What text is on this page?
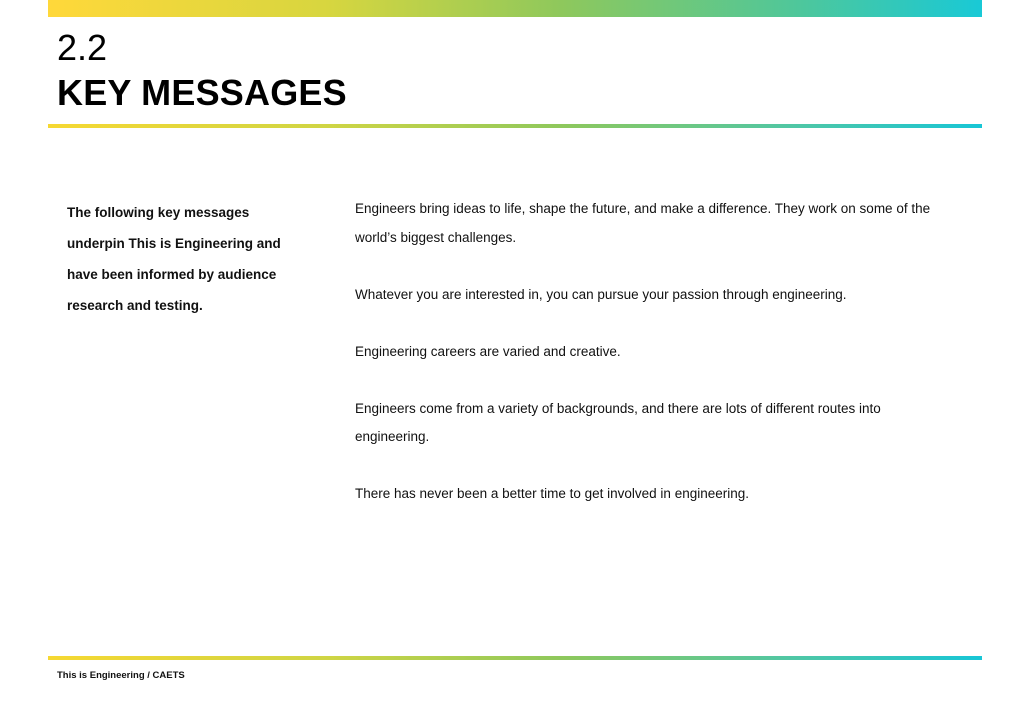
2.2
KEY MESSAGES
The following key messages underpin This is Engineering and have been informed by audience research and testing.

Engineers bring ideas to life, shape the future, and make a difference. They work on some of the world’s biggest challenges.

Whatever you are interested in, you can pursue your passion through engineering.

Engineering careers are varied and creative.

Engineers come from a variety of backgrounds, and there are lots of different routes into engineering.

There has never been a better time to get involved in engineering.

This is Engineering / CAETS
